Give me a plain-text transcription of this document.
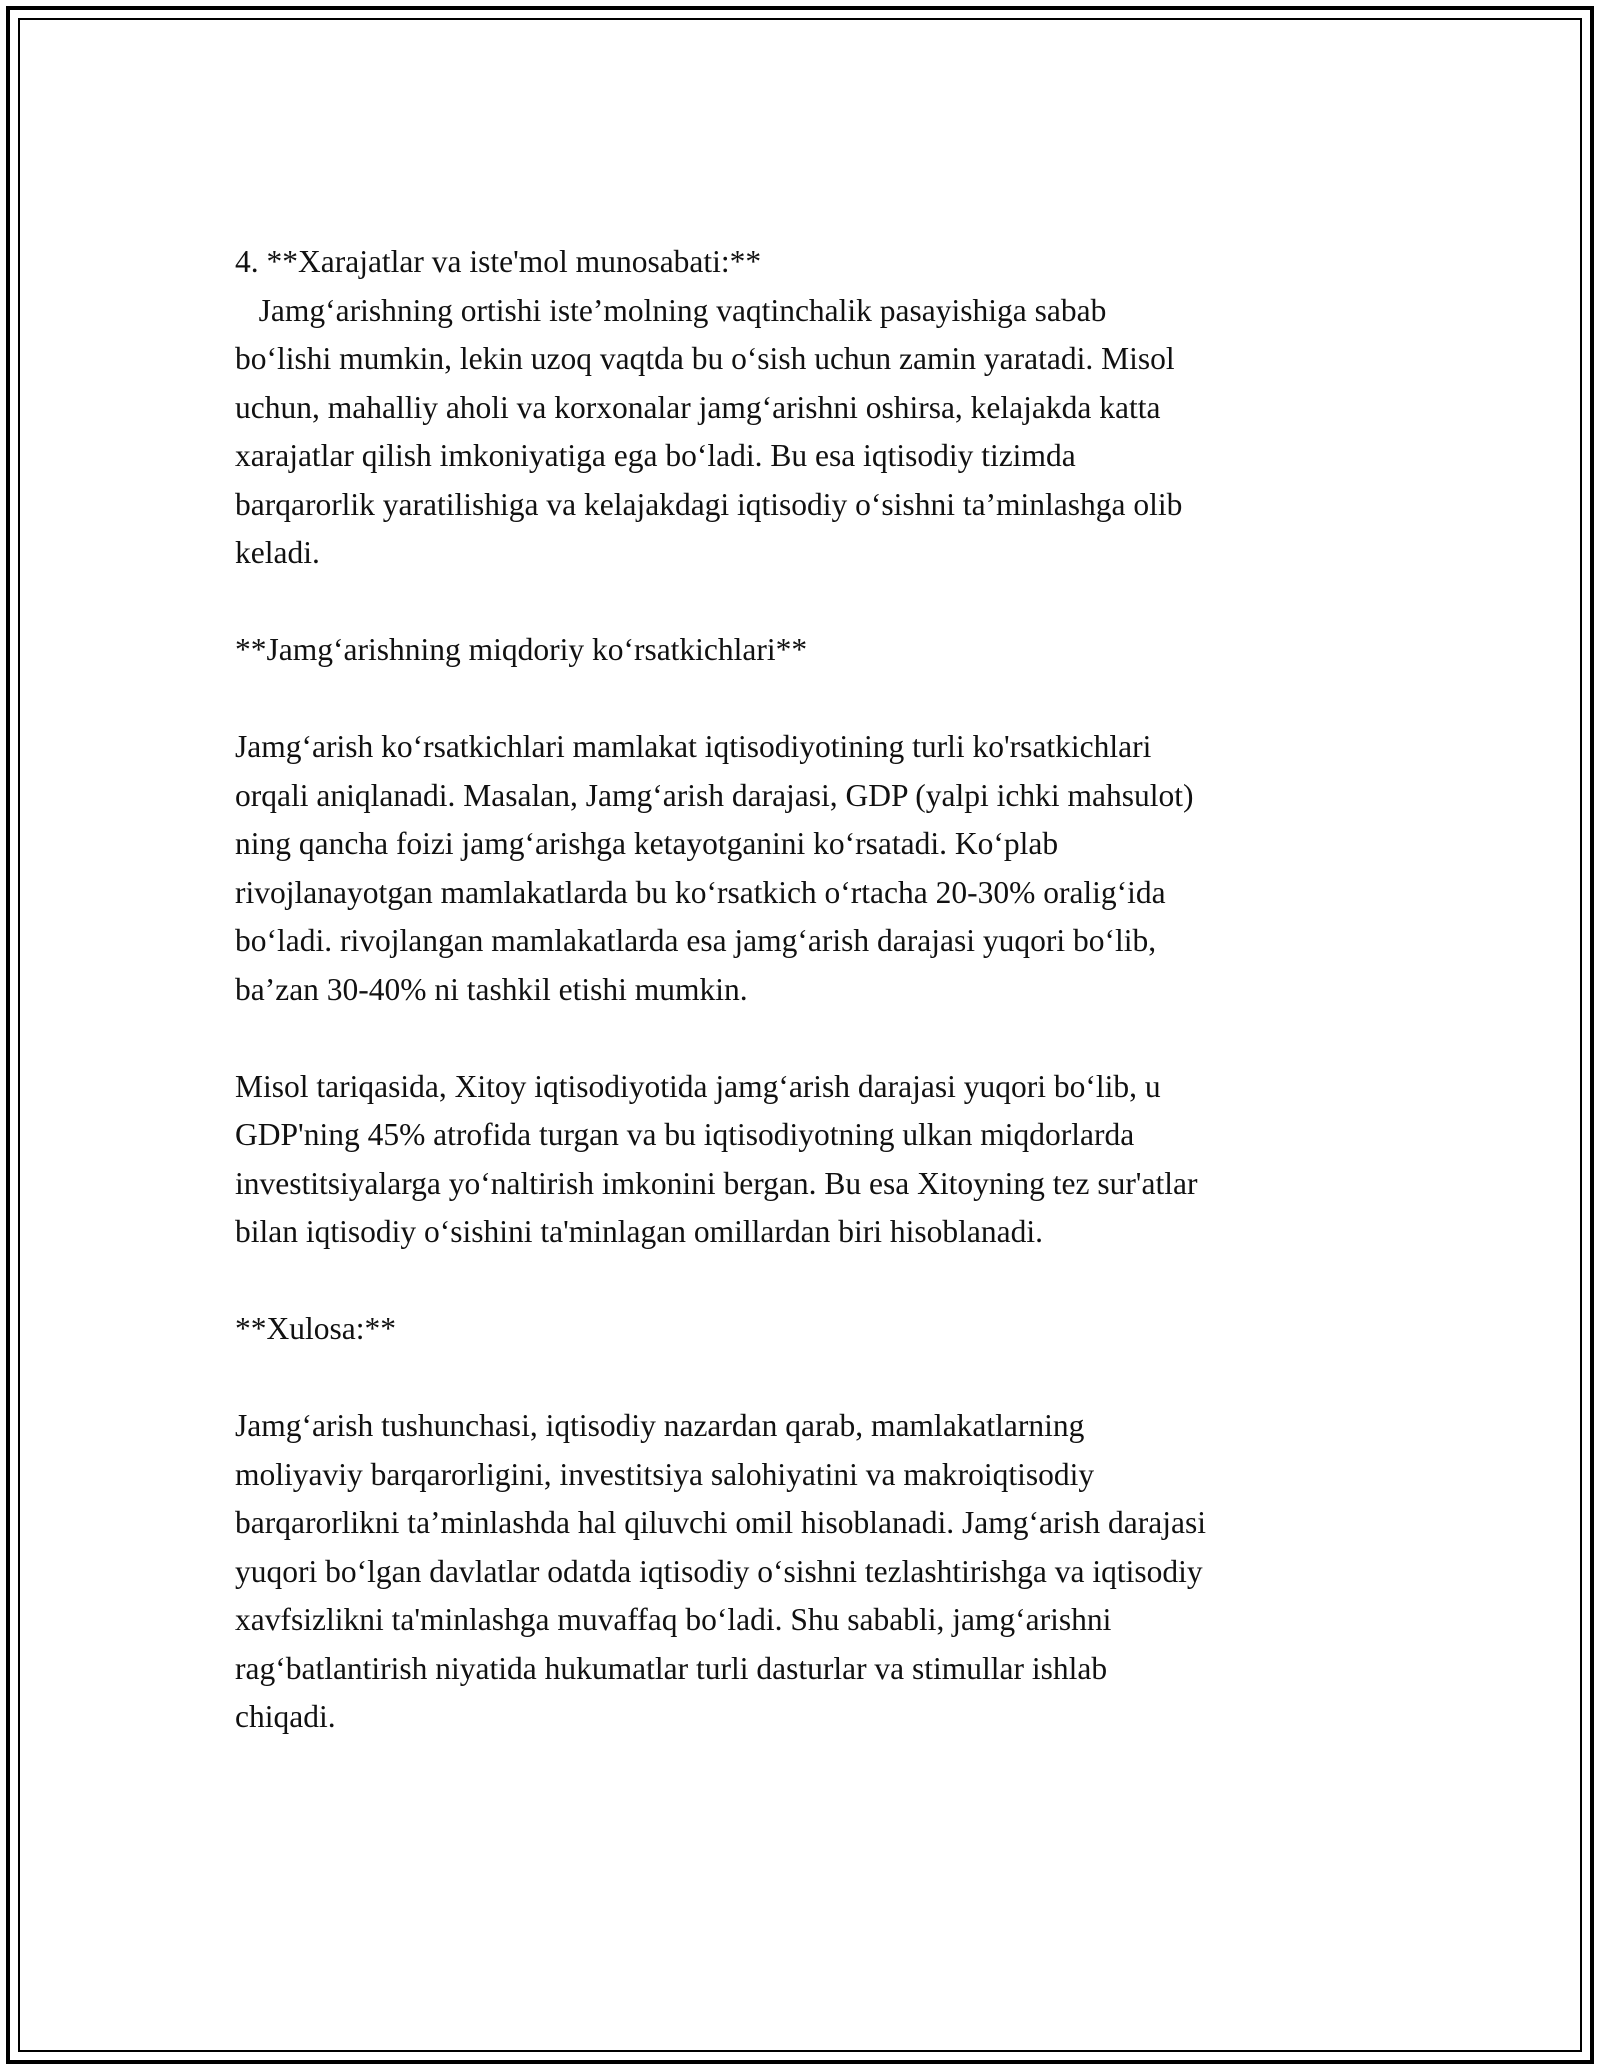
4. **Xarajatlar va iste'mol munosabati:**
Jamg‘arishning ortishi iste’molning vaqtinchalik pasayishiga sabab
bo‘lishi mumkin, lekin uzoq vaqtda bu o‘sish uchun zamin yaratadi. Misol
uchun, mahalliy aholi va korxonalar jamg‘arishni oshirsa, kelajakda katta
xarajatlar qilish imkoniyatiga ega bo‘ladi. Bu esa iqtisodiy tizimda
barqarorlik yaratilishiga va kelajakdagi iqtisodiy o‘sishni ta’minlashga olib
keladi.
**Jamg‘arishning miqdoriy ko‘rsatkichlari**
Jamg‘arish ko‘rsatkichlari mamlakat iqtisodiyotining turli ko'rsatkichlari
orqali aniqlanadi. Masalan, Jamg‘arish darajasi, GDP (yalpi ichki mahsulot)
ning qancha foizi jamg‘arishga ketayotganini ko‘rsatadi. Ko‘plab
rivojlanayotgan mamlakatlarda bu ko‘rsatkich o‘rtacha 20-30% oralig‘ida
bo‘ladi. rivojlangan mamlakatlarda esa jamg‘arish darajasi yuqori bo‘lib,
ba’zan 30-40% ni tashkil etishi mumkin.
Misol tariqasida, Xitoy iqtisodiyotida jamg‘arish darajasi yuqori bo‘lib, u
GDP'ning 45% atrofida turgan va bu iqtisodiyotning ulkan miqdorlarda
investitsiyalarga yo‘naltirish imkonini bergan. Bu esa Xitoyning tez sur'atlar
bilan iqtisodiy o‘sishini ta'minlagan omillardan biri hisoblanadi.
**Xulosa:**
Jamg‘arish tushunchasi, iqtisodiy nazardan qarab, mamlakatlarning
moliyaviy barqarorligini, investitsiya salohiyatini va makroiqtisodiy
barqarorlikni ta’minlashda hal qiluvchi omil hisoblanadi. Jamg‘arish darajasi
yuqori bo‘lgan davlatlar odatda iqtisodiy o‘sishni tezlashtirishga va iqtisodiy
xavfsizlikni ta'minlashga muvaffaq bo‘ladi. Shu sababli, jamg‘arishni
rag‘batlantirish niyatida hukumatlar turli dasturlar va stimullar ishlab
chiqadi.
